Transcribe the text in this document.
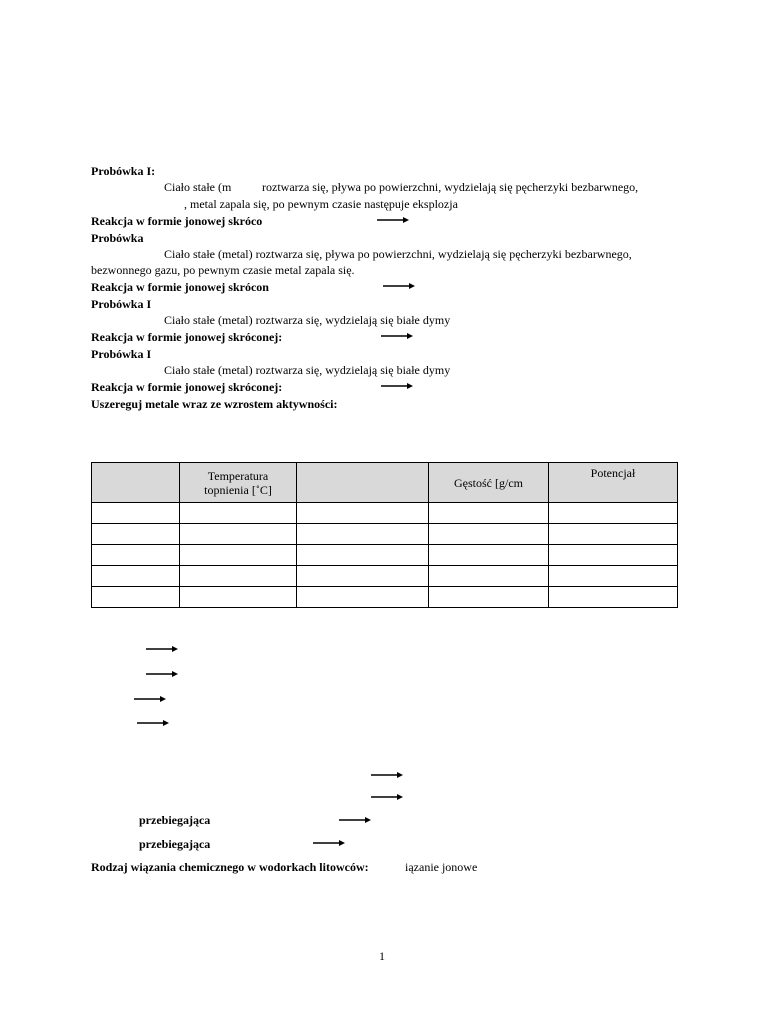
Probówka I:
Ciało stałe (m	roztwarza się, pływa po powierzchni, wydzielają się pęcherzyki bezbarwnego,
, metal zapala się, po pewnym czasie następuje eksplozja
Reakcja w formie jonowej skróco
Probówka
Ciało stałe (metal) roztwarza się, pływa po powierzchni, wydzielają się pęcherzyki bezbarwnego,
bezwonnego gazu, po pewnym czasie metal zapala się.
Reakcja w formie jonowej skrócon
Probówka I
Ciało stałe (metal) roztwarza się, wydzielają się białe dymy
Reakcja w formie jonowej skróconej:
Probówka I
Ciało stałe (metal) roztwarza się, wydzielają się białe dymy
Reakcja w formie jonowej skróconej:
Uszereguj metale wraz ze wzrostem aktywności:

	Temperatura
topnienia [˚C]		Gęstość [g/cm	Potencjał

przebiegająca
przebiegająca
Rodzaj wiązania chemicznego w wodorkach litowców:	iązanie jonowe
1
